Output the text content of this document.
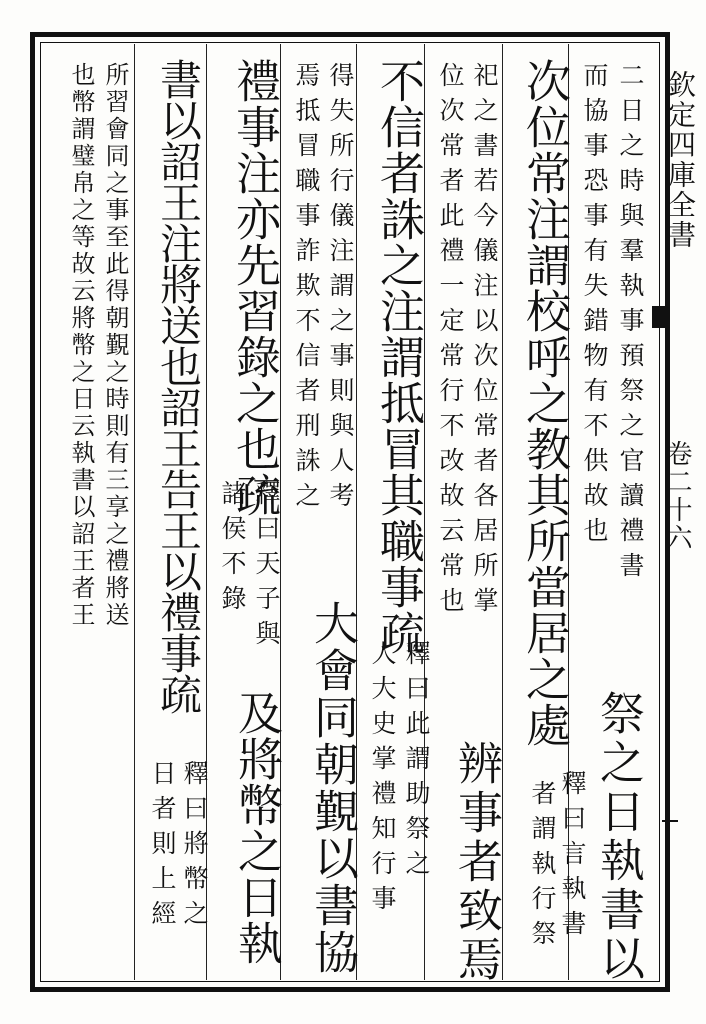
欽定四庫全書
卷二十六
二日之時與羣執事預祭之官讀禮書
而協事恐事有失錯物有不供故也
祭之日執書以
次位常注謂校呼之教其所當居之處
者謂執行祭 釋曰言執書
祀之書若今儀注以次位常者各居所掌
位次常者此禮一定常行不改故云常也
辨事者致焉
不信者誅之注謂抵冒其職事疏
釋曰此謂助祭之
人大史掌禮知行事
得失所行儀注謂之事則與人考
焉抵冒職事詐欺不信者刑誅之
大會同朝覲以書協
禮事注亦先習錄之也疏
釋曰天子與
諸侯不錄
及將幣之日執
書以詔王注將送也詔王告王以禮事疏
釋曰將幣之
日者則上經
所習會同之事至此得朝覲之時則有三享之禮將送
也幣謂璧帛之等故云將幣之日云執書以詔王者王
